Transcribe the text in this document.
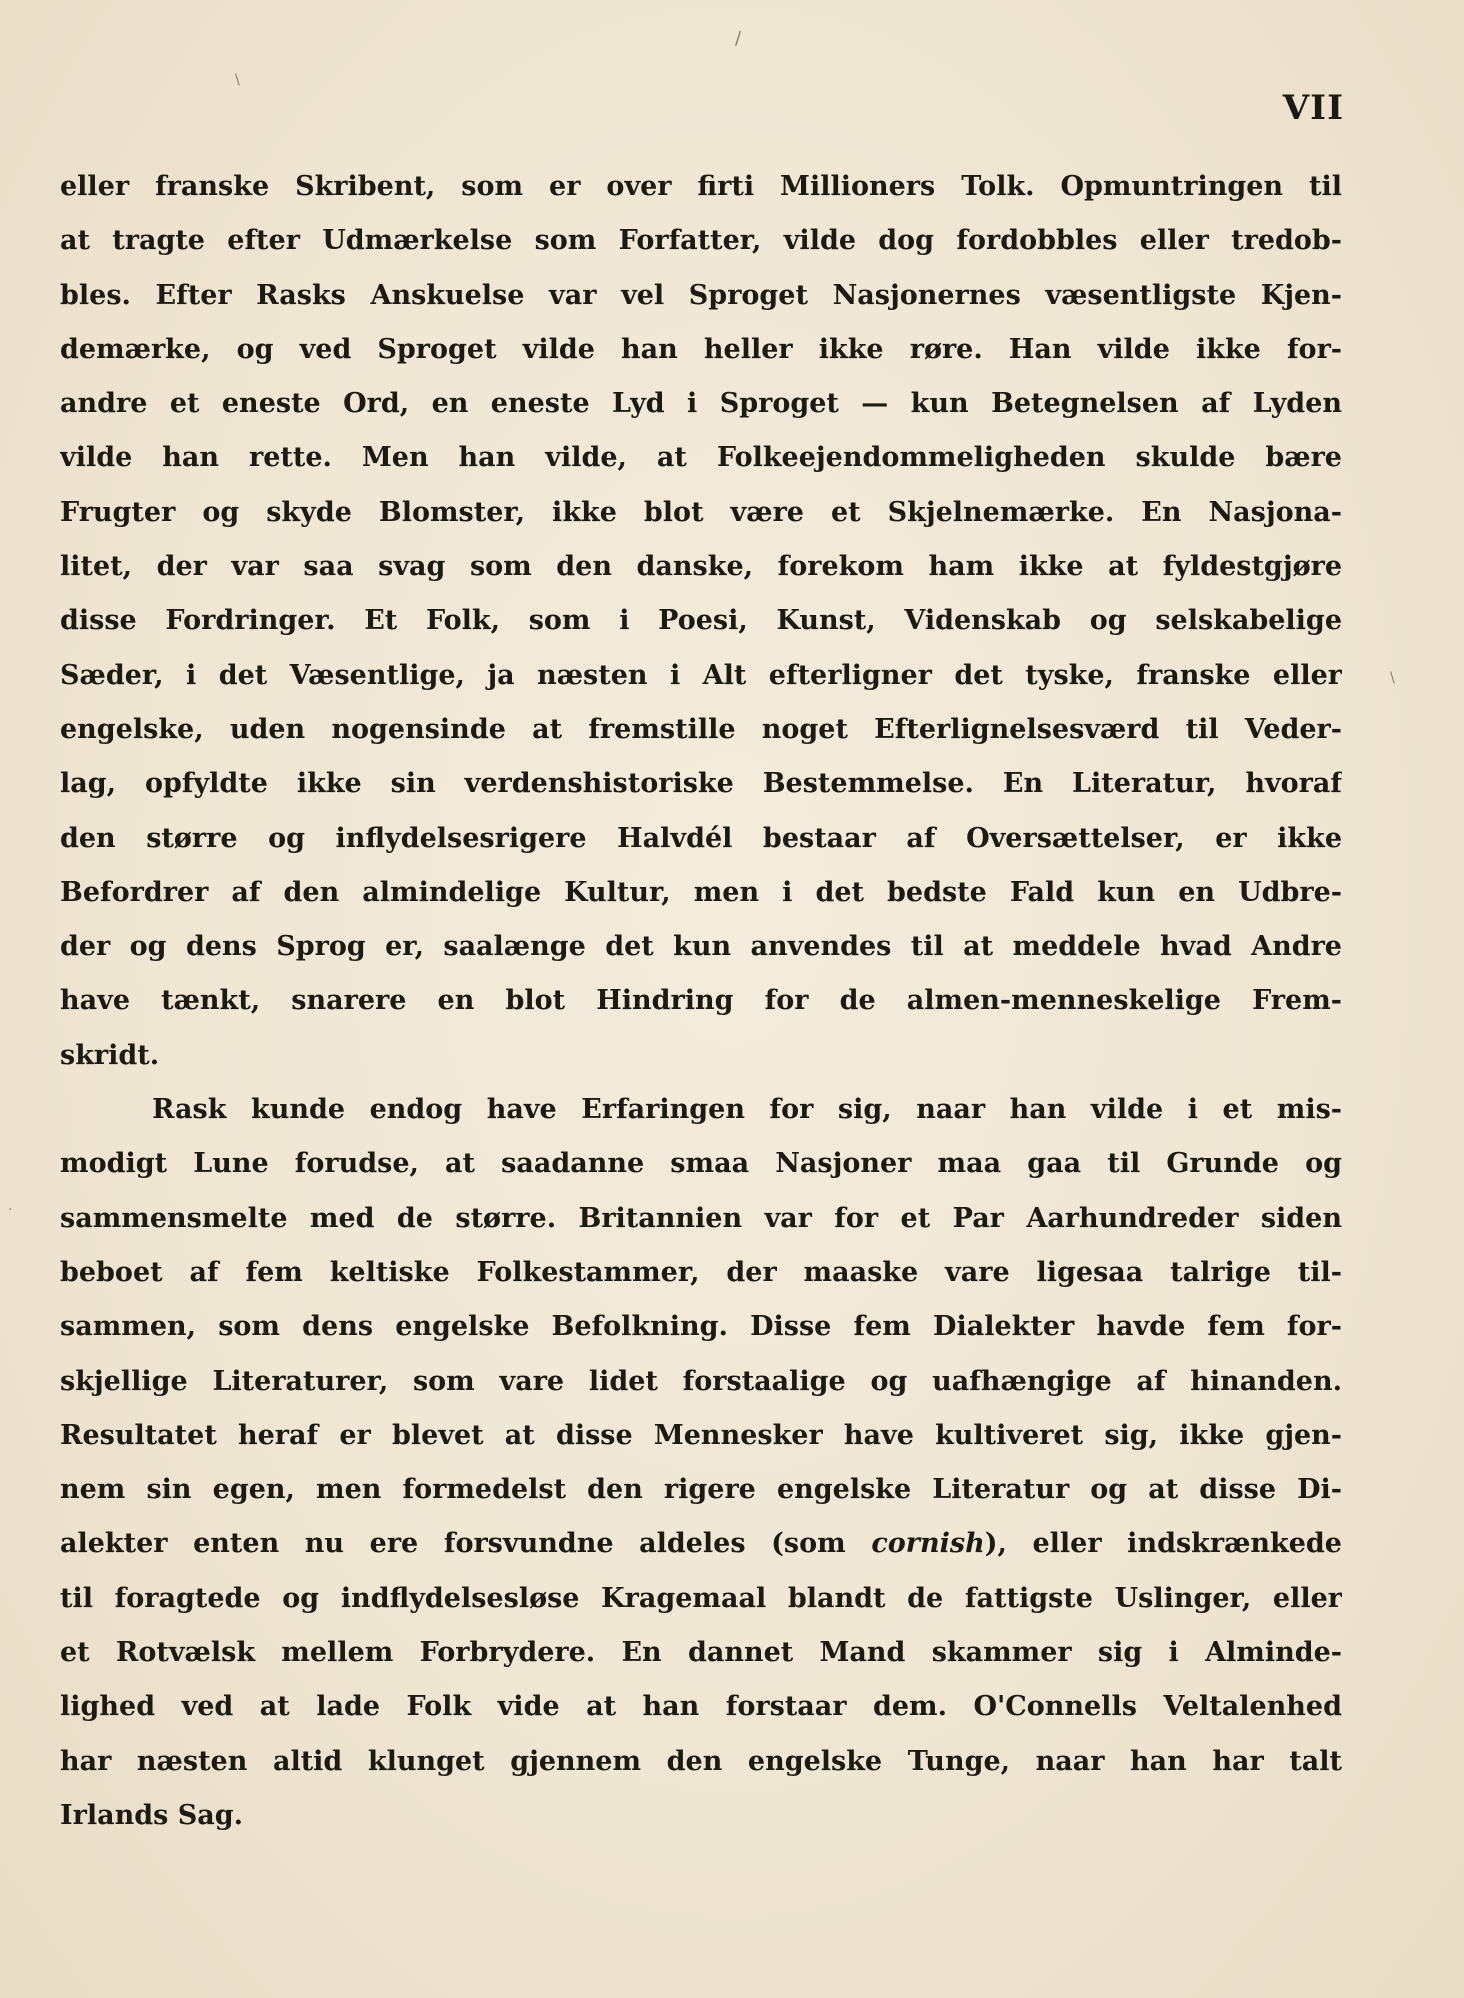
/
\
\
·
VII
eller franske Skribent, som er over firti Millioners Tolk. Opmuntringen til
at tragte efter Udmærkelse som Forfatter, vilde dog fordobbles eller tredob-
bles. Efter Rasks Anskuelse var vel Sproget Nasjonernes væsentligste Kjen-
demærke, og ved Sproget vilde han heller ikke røre. Han vilde ikke for-
andre et eneste Ord, en eneste Lyd i Sproget — kun Betegnelsen af Lyden
vilde han rette. Men han vilde, at Folkeejendommeligheden skulde bære
Frugter og skyde Blomster, ikke blot være et Skjelnemærke. En Nasjona-
litet, der var saa svag som den danske, forekom ham ikke at fyldestgjøre
disse Fordringer. Et Folk, som i Poesi, Kunst, Videnskab og selskabelige
Sæder, i det Væsentlige, ja næsten i Alt efterligner det tyske, franske eller
engelske, uden nogensinde at fremstille noget Efterlignelsesværd til Veder-
lag, opfyldte ikke sin verdenshistoriske Bestemmelse. En Literatur, hvoraf
den større og inflydelsesrigere Halvdél bestaar af Oversættelser, er ikke
Befordrer af den almindelige Kultur, men i det bedste Fald kun en Udbre-
der og dens Sprog er, saalænge det kun anvendes til at meddele hvad Andre
have tænkt, snarere en blot Hindring for de almen-menneskelige Frem-
skridt.
Rask kunde endog have Erfaringen for sig, naar han vilde i et mis-
modigt Lune forudse, at saadanne smaa Nasjoner maa gaa til Grunde og
sammensmelte med de større. Britannien var for et Par Aarhundreder siden
beboet af fem keltiske Folkestammer, der maaske vare ligesaa talrige til-
sammen, som dens engelske Befolkning. Disse fem Dialekter havde fem for-
skjellige Literaturer, som vare lidet forstaalige og uafhængige af hinanden.
Resultatet heraf er blevet at disse Mennesker have kultiveret sig, ikke gjen-
nem sin egen, men formedelst den rigere engelske Literatur og at disse Di-
alekter enten nu ere forsvundne aldeles (som cornish), eller indskrænkede
til foragtede og indflydelsesløse Kragemaal blandt de fattigste Uslinger, eller
et Rotvælsk mellem Forbrydere. En dannet Mand skammer sig i Alminde-
lighed ved at lade Folk vide at han forstaar dem. O'Connells Veltalenhed
har næsten altid klunget gjennem den engelske Tunge, naar han har talt
Irlands Sag.
